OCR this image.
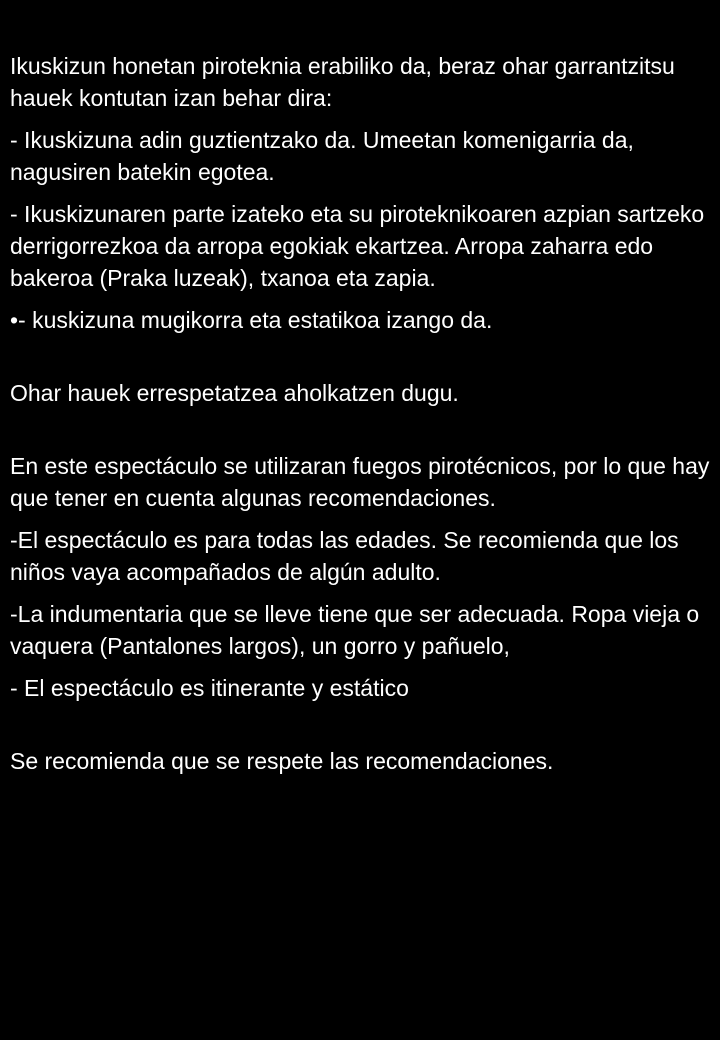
Ikuskizun honetan piroteknia erabiliko da, beraz ohar garrantzitsu hauek kontutan izan behar dira:

- Ikuskizuna adin guztientzako da. Umeetan komenigarria da, nagusiren batekin egotea.

- Ikuskizunaren parte izateko eta su piroteknikoaren azpian sartzeko derrigorrezkoa da arropa egokiak ekartzea. Arropa zaharra edo bakeroa (Praka luzeak), txanoa eta zapia.

•- kuskizuna mugikorra eta estatikoa izango da.

Ohar hauek errespetatzea aholkatzen dugu.

En este espectáculo se utilizaran fuegos pirotécnicos, por lo que hay que tener en cuenta algunas recomendaciones.

-El espectáculo es para todas las edades. Se recomienda que los niños vaya acompañados de algún adulto.

-La indumentaria que se lleve tiene que ser adecuada. Ropa vieja o vaquera (Pantalones largos), un gorro y pañuelo,

- El espectáculo es itinerante y estático

Se recomienda que se respete las recomendaciones.
